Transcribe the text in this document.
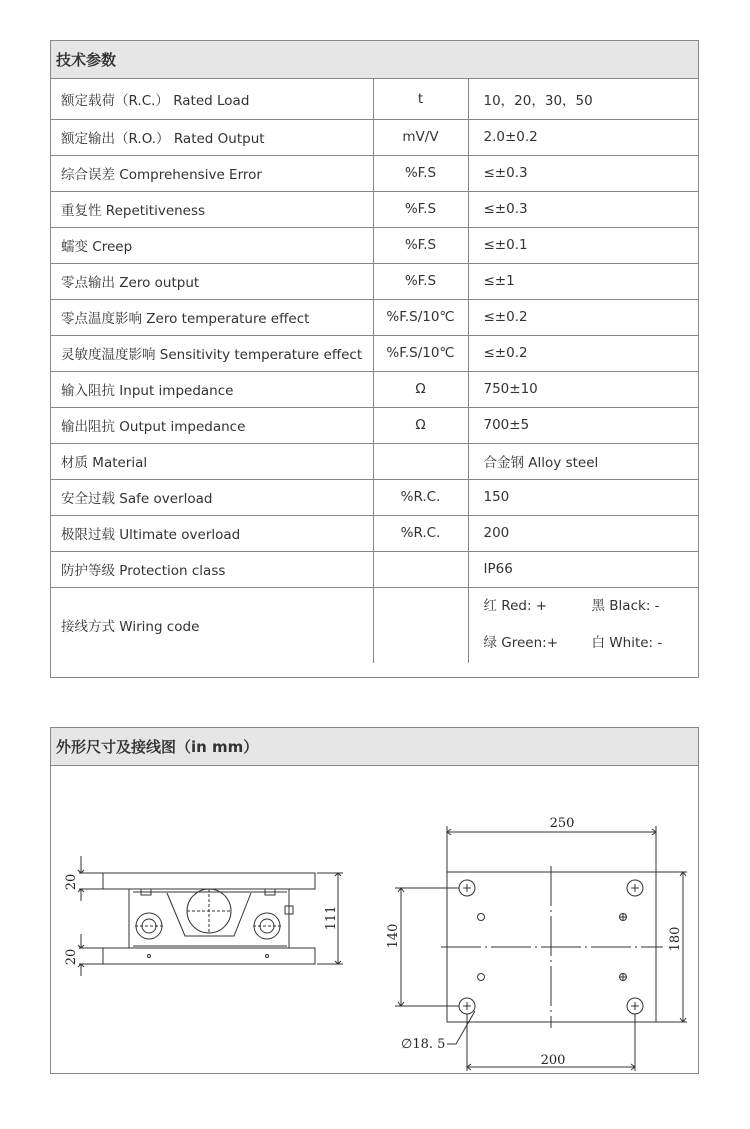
技术参数
额定载荷（R.C.） Rated Load	t	10，20，30，50
额定输出（R.O.） Rated Output	mV/V	2.0±0.2
综合误差 Comprehensive Error	%F.S	≤±0.3
重复性 Repetitiveness	%F.S	≤±0.3
蠕变 Creep	%F.S	≤±0.1
零点输出 Zero output	%F.S	≤±1
零点温度影响 Zero temperature effect	%F.S/10℃	≤±0.2
灵敏度温度影响 Sensitivity temperature effect	%F.S/10℃	≤±0.2
输入阻抗 Input impedance	Ω	750±10
输出阻抗 Output impedance	Ω	700±5
材质 Material		合金钢 Alloy steel
安全过载 Safe overload	%R.C.	150
极限过载 Ultimate overload	%R.C.	200
防护等级 Protection class		IP66
接线方式 Wiring code		红 Red: + 黑 Black: -
绿 Green:+ 白 White: -
外形尺寸及接线图（in mm）
20
20
111
250
180
140
200
∅18. 5
